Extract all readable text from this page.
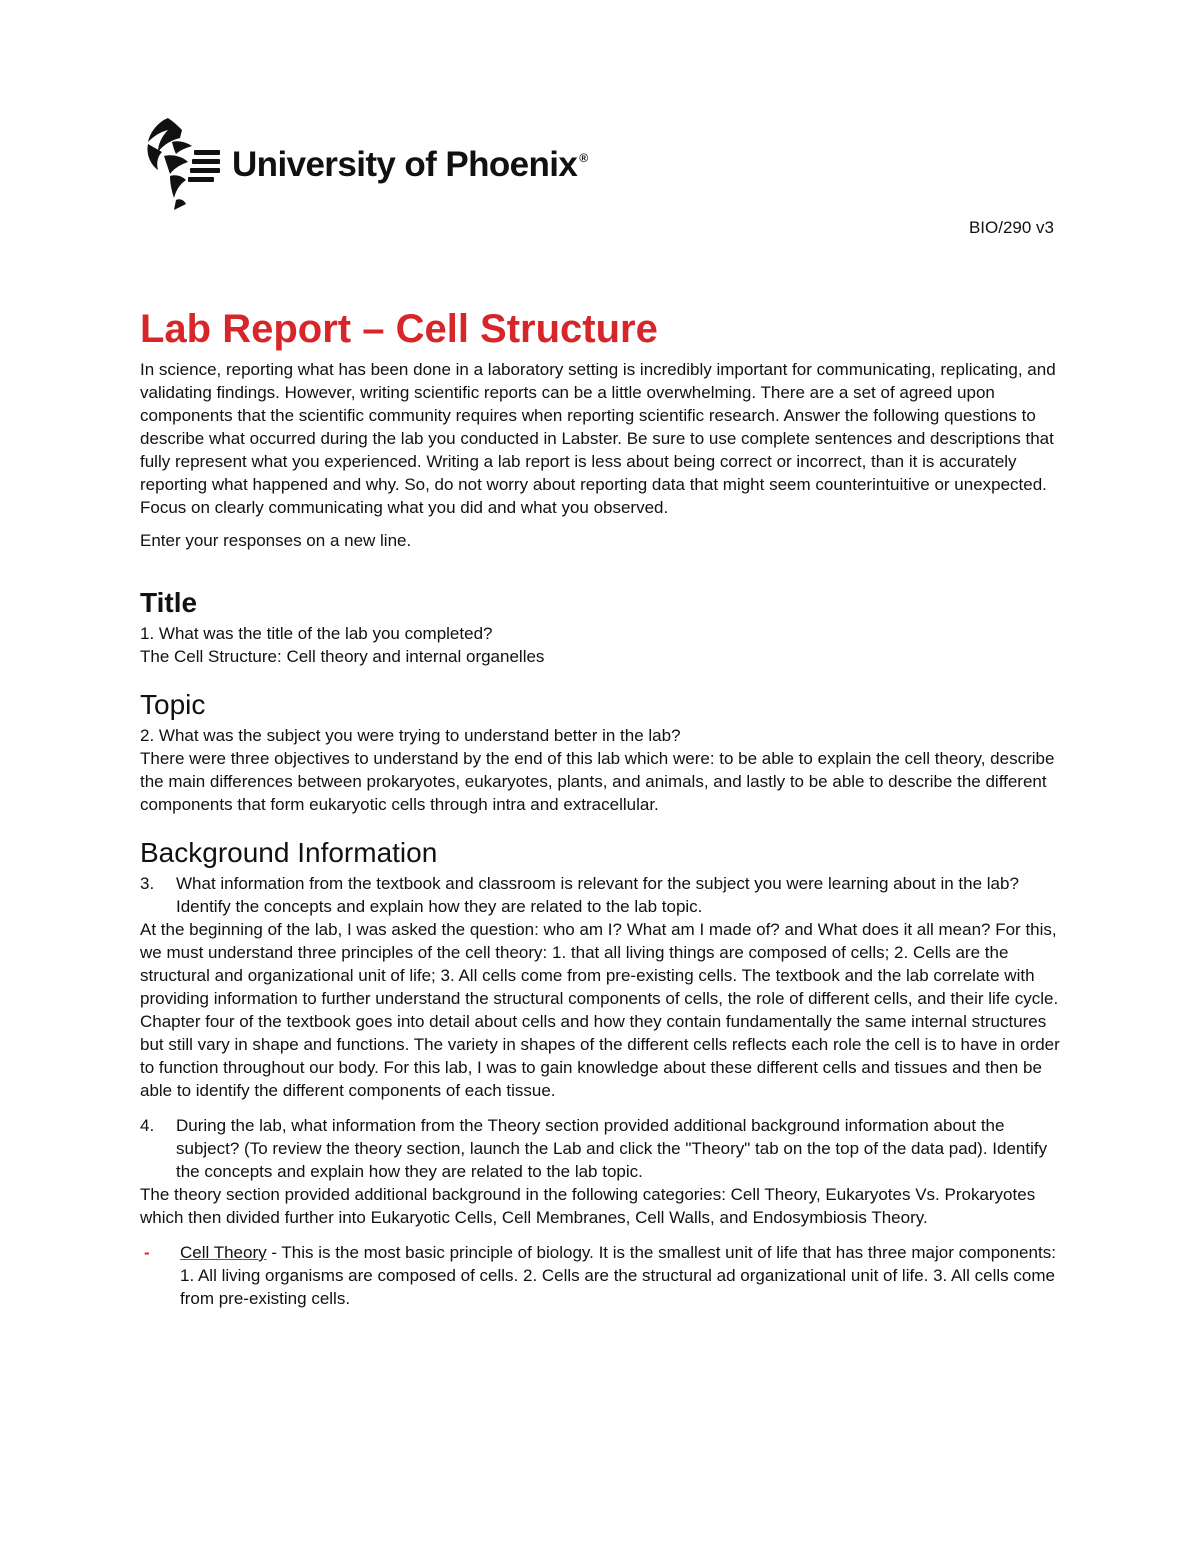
University of Phoenix ®
BIO/290 v3
Lab Report – Cell Structure

In science, reporting what has been done in a laboratory setting is incredibly important for communicating, replicating, and validating findings. However, writing scientific reports can be a little overwhelming. There are a set of agreed upon components that the scientific community requires when reporting scientific research. Answer the following questions to describe what occurred during the lab you conducted in Labster. Be sure to use complete sentences and descriptions that fully represent what you experienced. Writing a lab report is less about being correct or incorrect, than it is accurately reporting what happened and why. So, do not worry about reporting data that might seem counterintuitive or unexpected. Focus on clearly communicating what you did and what you observed.

Enter your responses on a new line.

Title

1. What was the title of the lab you completed?

The Cell Structure: Cell theory and internal organelles

Topic

2. What was the subject you were trying to understand better in the lab?

There were three objectives to understand by the end of this lab which were: to be able to explain the cell theory, describe the main differences between prokaryotes, eukaryotes, plants, and animals, and lastly to be able to describe the different components that form eukaryotic cells through intra and extracellular.

Background Information
3.	What information from the textbook and classroom is relevant for the subject you were learning about in the lab? Identify the concepts and explain how they are related to the lab topic.

At the beginning of the lab, I was asked the question: who am I? What am I made of? and What does it all mean? For this, we must understand three principles of the cell theory: 1. that all living things are composed of cells; 2. Cells are the structural and organizational unit of life; 3. All cells come from pre-existing cells. The textbook and the lab correlate with providing information to further understand the structural components of cells, the role of different cells, and their life cycle. Chapter four of the textbook goes into detail about cells and how they contain fundamentally the same internal structures but still vary in shape and functions. The variety in shapes of the different cells reflects each role the cell is to have in order to function throughout our body. For this lab, I was to gain knowledge about these different cells and tissues and then be able to identify the different components of each tissue.

4.	During the lab, what information from the Theory section provided additional background information about the subject? (To review the theory section, launch the Lab and click the "Theory" tab on the top of the data pad). Identify the concepts and explain how they are related to the lab topic.

The theory section provided additional background in the following categories: Cell Theory, Eukaryotes Vs. Prokaryotes which then divided further into Eukaryotic Cells, Cell Membranes, Cell Walls, and Endosymbiosis Theory.

-	Cell Theory - This is the most basic principle of biology. It is the smallest unit of life that has three major components: 1. All living organisms are composed of cells. 2. Cells are the structural ad organizational unit of life. 3. All cells come from pre-existing cells.
